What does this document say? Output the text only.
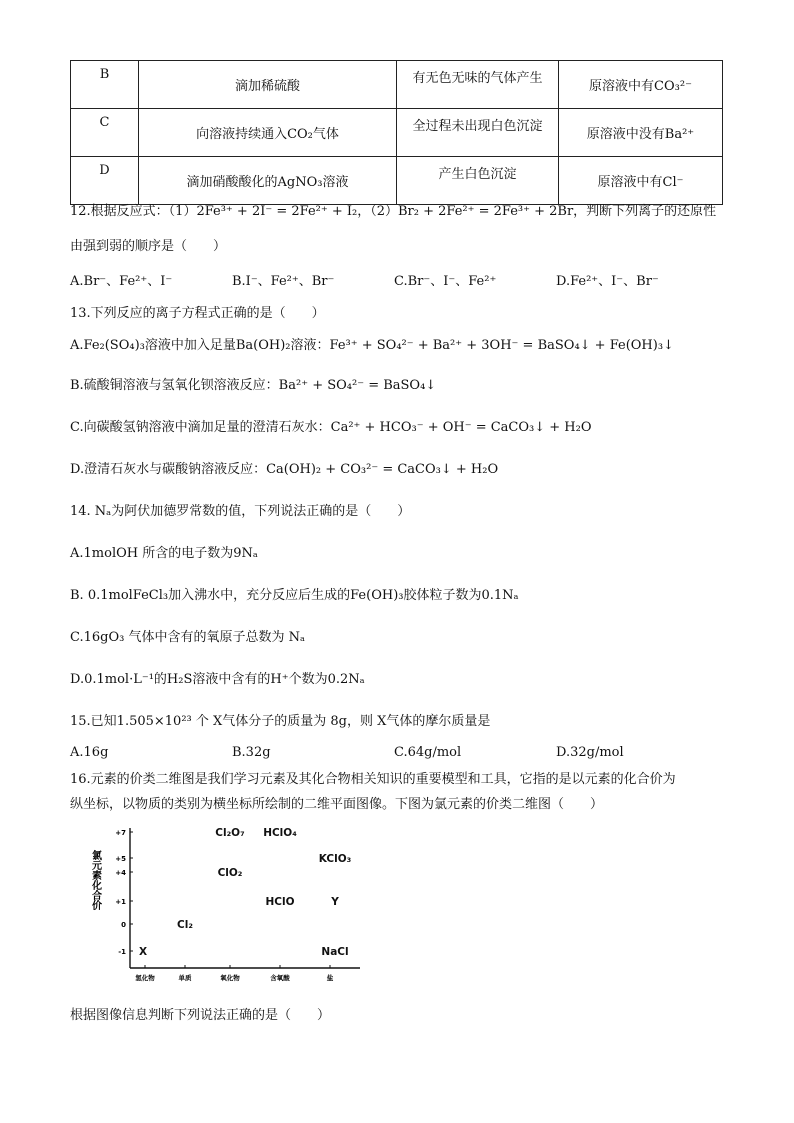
B	滴加稀硫酸	有无色无味的气体产生	原溶液中有CO₃²⁻
C	向溶液持续通入CO₂气体	全过程未出现白色沉淀	原溶液中没有Ba²⁺
D	滴加硝酸酸化的AgNO₃溶液	产生白色沉淀	原溶液中有Cl⁻
12.根据反应式：（1）2Fe³⁺ + 2I⁻ = 2Fe²⁺ + I₂，（2）Br₂ + 2Fe²⁺ = 2Fe³⁺ + 2Br，判断下列离子的还原性
由强到弱的顺序是（　　）
A.Br⁻、Fe²⁺、I⁻	B.I⁻、Fe²⁺、Br⁻	C.Br⁻、I⁻、Fe²⁺	D.Fe²⁺、I⁻、Br⁻
13.下列反应的离子方程式正确的是（　　）
A.Fe₂(SO₄)₃溶液中加入足量Ba(OH)₂溶液：Fe³⁺ + SO₄²⁻ + Ba²⁺ + 3OH⁻ = BaSO₄↓ + Fe(OH)₃↓
B.硫酸铜溶液与氢氧化钡溶液反应：Ba²⁺ + SO₄²⁻ = BaSO₄↓
C.向碳酸氢钠溶液中滴加足量的澄清石灰水：Ca²⁺ + HCO₃⁻ + OH⁻ = CaCO₃↓ + H₂O
D.澄清石灰水与碳酸钠溶液反应：Ca(OH)₂ + CO₃²⁻ = CaCO₃↓ + H₂O
14. Nₐ为阿伏加德罗常数的值，下列说法正确的是（　　）
A.1molOH 所含的电子数为9Nₐ
B. 0.1molFeCl₃加入沸水中，充分反应后生成的Fe(OH)₃胶体粒子数为0.1Nₐ
C.16gO₃ 气体中含有的氧原子总数为 Nₐ
D.0.1mol·L⁻¹的H₂S溶液中含有的H⁺个数为0.2Nₐ
15.已知1.505×10²³ 个 X气体分子的质量为 8g，则 X气体的摩尔质量是
A.16g	B.32g	C.64g/mol	D.32g/mol
16.元素的价类二维图是我们学习元素及其化合物相关知识的重要模型和工具，它指的是以元素的化合价为
纵坐标，以物质的类别为横坐标所绘制的二维平面图像。下图为氯元素的价类二维图（　　）
+7
+5
+4
+1
0
-1
氯元素化合价
氢化物	单质	氧化物	含氧酸	盐
Cl₂O₇ HClO₄
KClO₃
ClO₂
HClO	Y
Cl₂
X	NaCl
根据图像信息判断下列说法正确的是（　　）
